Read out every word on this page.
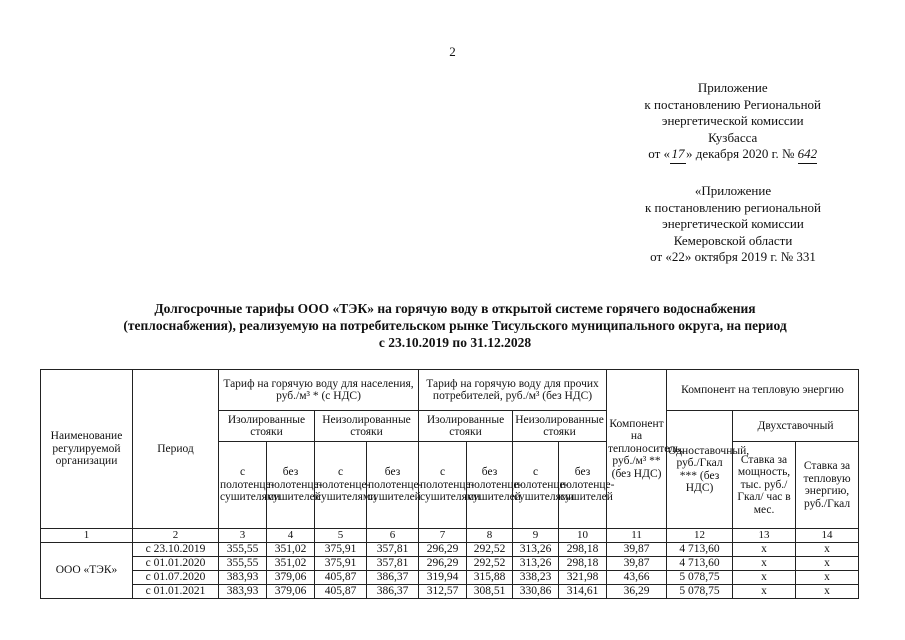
2
Приложение
к постановлению Региональной
энергетической комиссии
Кузбасса
от « 17 » декабря 2020 г. № 642
«Приложение
к постановлению региональной
энергетической комиссии
Кемеровской области
от «22» октября 2019 г. № 331
Долгосрочные тарифы ООО «ТЭК» на горячую воду в открытой системе горячего водоснабжения
(теплоснабжения), реализуемую на потребительском рынке Тисульского муниципального округа, на период
с 23.10.2019 по 31.12.2028
Наименование регулируемой организации	Период	Тариф на горячую воду для населения, руб./м³ * (с НДС)				Тариф на горячую воду для прочих потребителей, руб./м³ (без НДС)				Компонент на теплоноситель, руб./м³ ** (без НДС)	Компонент на тепловую энергию		
		Изолированные стояки		Неизолированные стояки		Изолированные стояки		Неизолированные стояки			Одноставочный, руб./Гкал *** (без НДС)	Двухставочный	
		с полотенце-сушителями	без полотенце-сушителей	с полотенце-сушителями	без полотенце-сушителей	с полотенце-сушителями	без полотенце-сушителей	с полотенце-сушителями	без полотенце-сушителей			Ставка за мощность, тыс. руб./ Гкал/ час в мес.	Ставка за тепловую энергию, руб./Гкал

1	2	3	4	5	6	7	8	9	10	11	12	13	14
ООО «ТЭК»	с 23.10.2019	355,55	351,02	375,91	357,81	296,29	292,52	313,26	298,18	39,87	4 713,60	x	x
	с 01.01.2020	355,55	351,02	375,91	357,81	296,29	292,52	313,26	298,18	39,87	4 713,60	x	x
	с 01.07.2020	383,93	379,06	405,87	386,37	319,94	315,88	338,23	321,98	43,66	5 078,75	x	x
	с 01.01.2021	383,93	379,06	405,87	386,37	312,57	308,51	330,86	314,61	36,29	5 078,75	x	x
